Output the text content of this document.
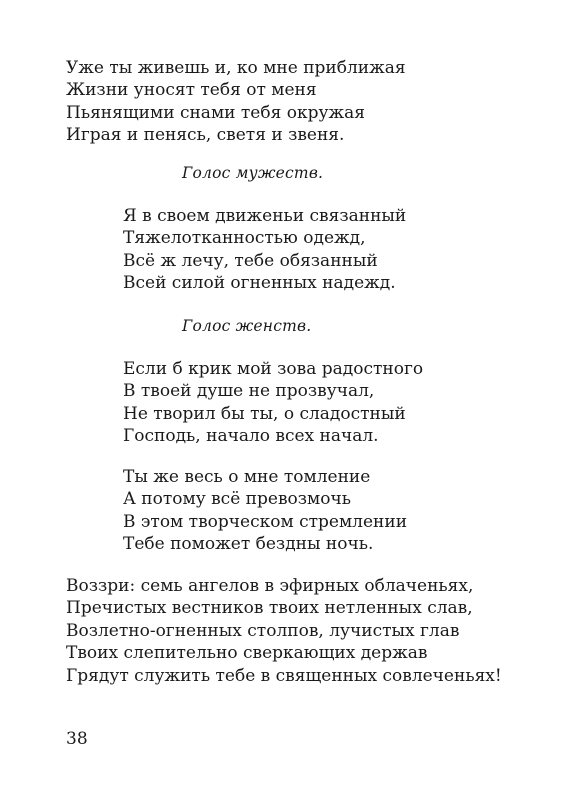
Уже ты живешь и, ко мне приближая
Жизни уносят тебя от меня
Пьянящими снами тебя окружая
Играя и пенясь, светя и звеня.
Голос мужеств.
Я в своем движеньи связанный
Тяжелотканностью одежд,
Всё ж лечу, тебе обязанный
Всей силой огненных надежд.
Голос женств.
Если б крик мой зова радостного
В твоей душе не прозвучал,
Не творил бы ты, о сладостный
Господь, начало всех начал.
Ты же весь о мне томление
А потому всё превозмочь
В этом творческом стремлении
Тебе поможет бездны ночь.
Воззри: семь ангелов в эфирных облаченьях,
Пречистых вестников твоих нетленных слав,
Возлетно-огненных столпов, лучистых глав
Твоих слепительно сверкающих держав
Грядут служить тебе в священных совлеченьях!
38
